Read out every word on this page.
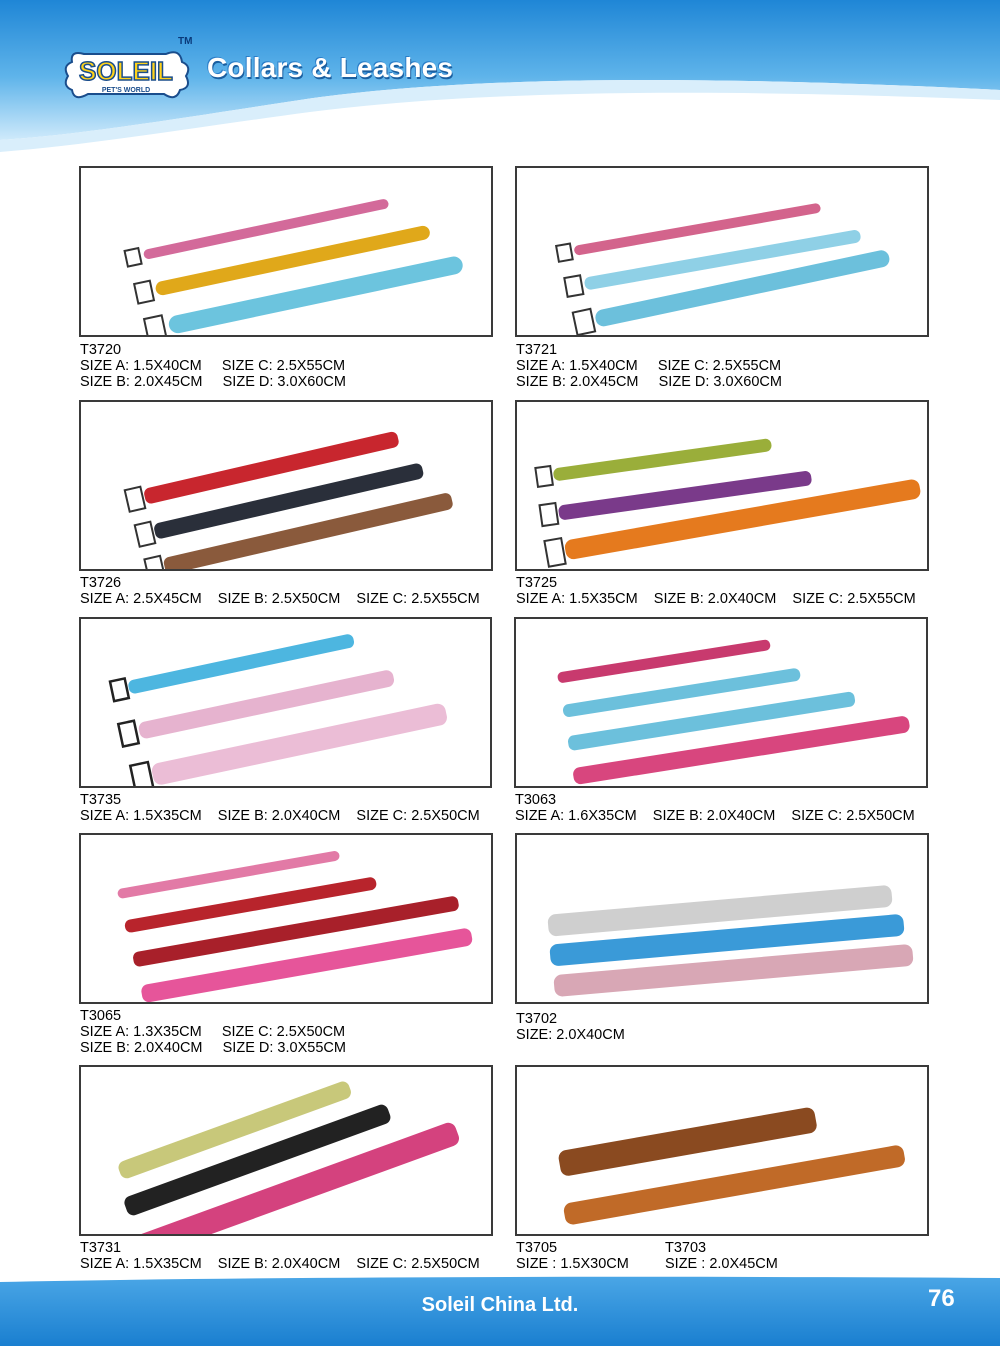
SOLEIL
PET'S WORLD
TM
Collars & Leashes
T3720
SIZE A: 1.5X40CM     SIZE C: 2.5X55CM
SIZE B: 2.0X45CM     SIZE D: 3.0X60CM
T3721
SIZE A: 1.5X40CM     SIZE C: 2.5X55CM
SIZE B: 2.0X45CM     SIZE D: 3.0X60CM
T3726
SIZE A: 2.5X45CM    SIZE B: 2.5X50CM    SIZE C: 2.5X55CM
T3725
SIZE A: 1.5X35CM    SIZE B: 2.0X40CM    SIZE C: 2.5X55CM
T3735
SIZE A: 1.5X35CM    SIZE B: 2.0X40CM    SIZE C: 2.5X50CM
T3063
SIZE A: 1.6X35CM    SIZE B: 2.0X40CM    SIZE C: 2.5X50CM
T3065
SIZE A: 1.3X35CM     SIZE C: 2.5X50CM
SIZE B: 2.0X40CM     SIZE D: 3.0X55CM
T3702
SIZE: 2.0X40CM
T3731
SIZE A: 1.5X35CM    SIZE B: 2.0X40CM    SIZE C: 2.5X50CM
T3705
SIZE : 1.5X30CM
T3703
SIZE : 2.0X45CM
Soleil China Ltd.	76
